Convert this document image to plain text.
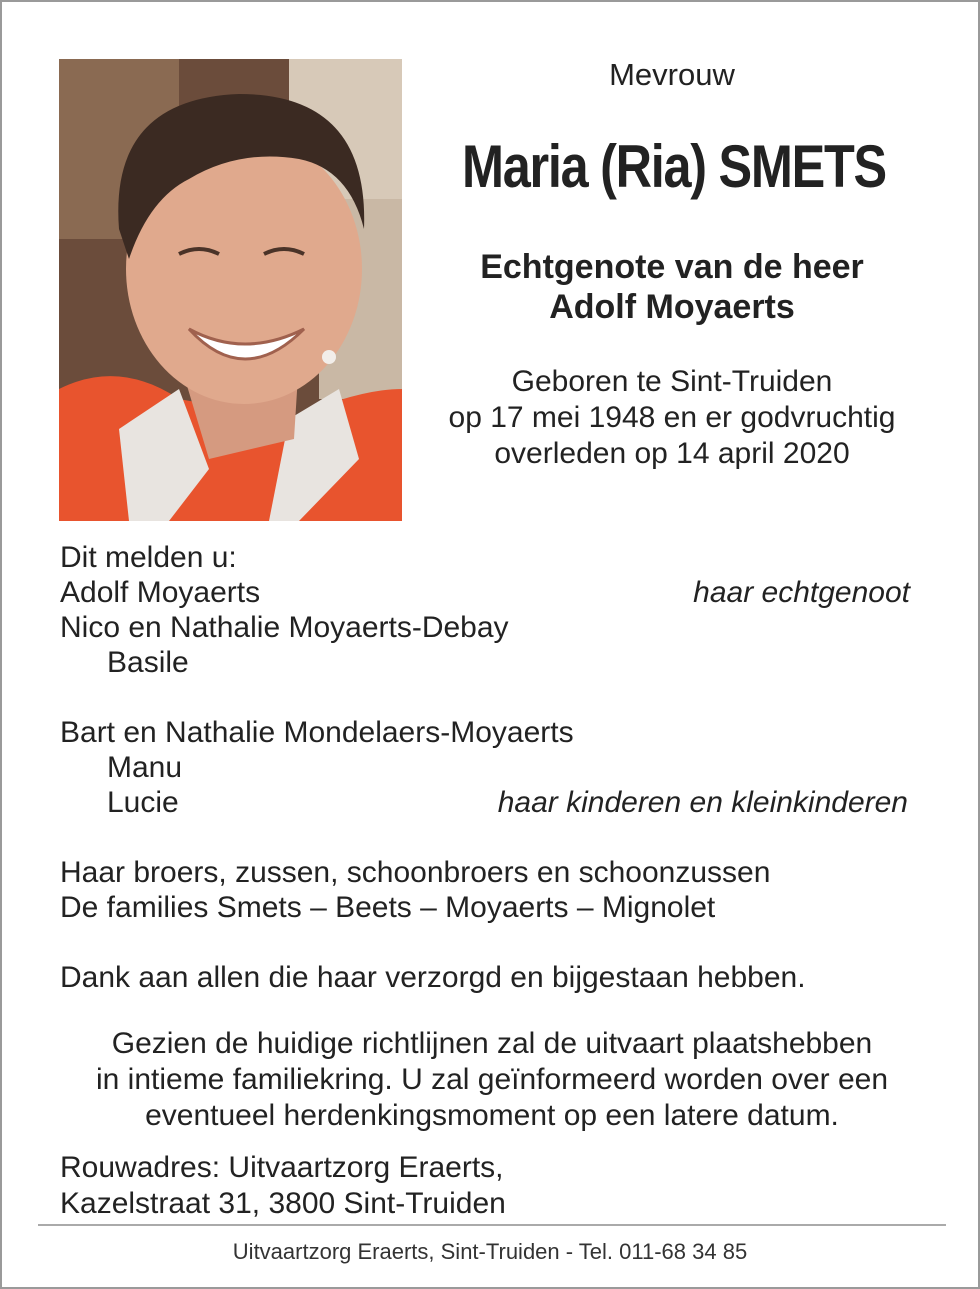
Mevrouw
Maria (Ria) SMETS
Echtgenote van de heer
Adolf Moyaerts
Geboren te Sint-Truiden
op 17 mei 1948 en er godvruchtig
overleden op 14 april 2020
Dit melden u:
Adolf Moyaerts	haar echtgenoot
Nico en Nathalie Moyaerts-Debay
Basile
Bart en Nathalie Mondelaers-Moyaerts
Manu
Lucie	haar kinderen en kleinkinderen
Haar broers, zussen, schoonbroers en schoonzussen
De families Smets – Beets – Moyaerts – Mignolet
Dank aan allen die haar verzorgd en bijgestaan hebben.
Gezien de huidige richtlijnen zal de uitvaart plaatshebben
in intieme familiekring. U zal geïnformeerd worden over een
eventueel herdenkingsmoment op een latere datum.
Rouwadres: Uitvaartzorg Eraerts,
Kazelstraat 31, 3800 Sint-Truiden
Uitvaartzorg Eraerts, Sint-Truiden - Tel. 011-68 34 85
